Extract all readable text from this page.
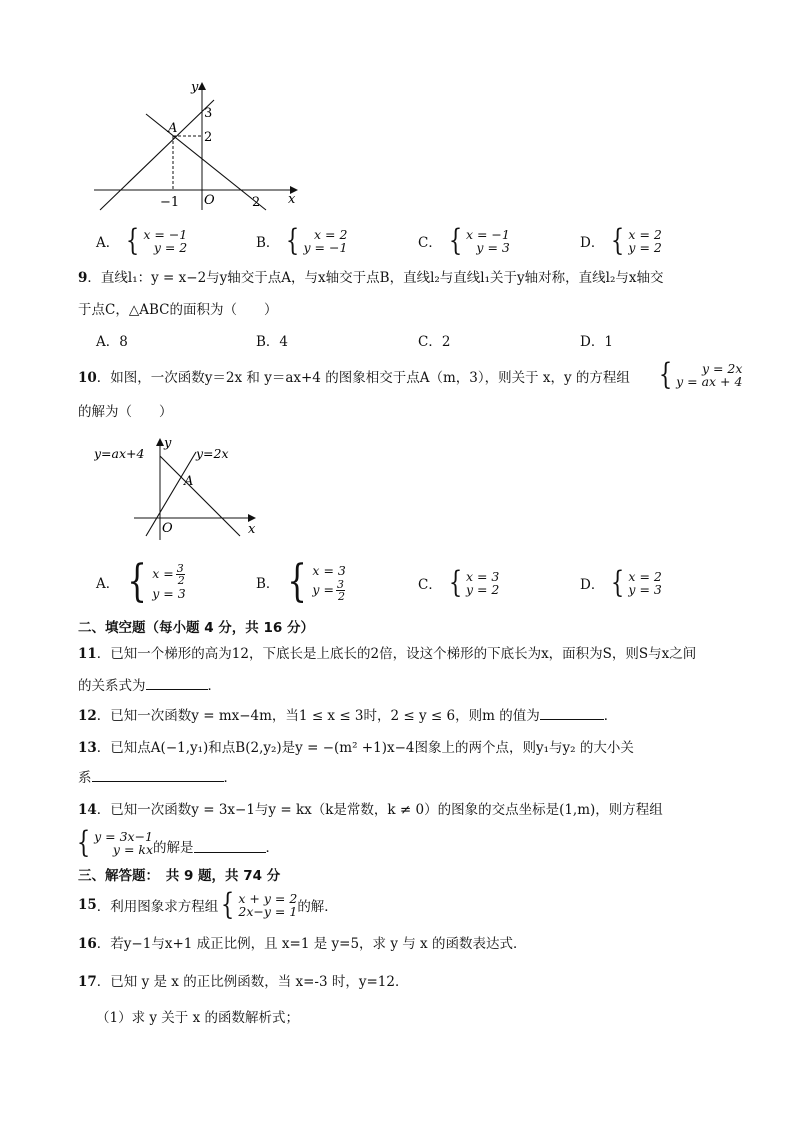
y
x
O
3
2
−1	2
A
A． { x = −1
y = 2	B． {	x = 2
y = −1	C． { x = −1
y = 3	D． { x = 2
y = 2
9．直线l₁：y = x−2与y轴交于点A，与x轴交于点B，直线l₂与直线l₁关于y轴对称，直线l₂与x轴交
于点C，△ABC的面积为（　　）
A．8	B．4	C．2	D．1
10．如图，一次函数y＝2x 和 y＝ax+4 的图象相交于点A（m，3），则关于 x，y 的方程组 {	y = 2x
y = ax + 4
的解为（　　）
y=ax+4	y=2x
y
x
O
A
A． { $x = \frac{3}{2}$
y = 3
B． { x = 3
$y = \frac{3}{2}$	C． { x = 3
y = 2	D． { x = 2
y = 3
二、填空题（每小题 4 分，共 16 分）
11．已知一个梯形的高为12，下底长是上底长的2倍，设这个梯形的下底长为x，面积为S，则S与x之间
的关系式为	．
12．已知一次函数y = mx−4m，当1 ≤ x ≤ 3时，2 ≤ y ≤ 6，则m 的值为	．
13．已知点A(−1,y₁)和点B(2,y₂)是y = −(m² +1)x−4图象上的两个点，则y₁与y₂ 的大小关
系	．
14．已知一次函数y = 3x−1与y = kx（k是常数，k ≠ 0）的图象的交点坐标是(1,m)，则方程组
{ y = 3x−1
y = kx 的解是	．
三、解答题：　共 9 题，共 74 分
15 ．利用图象求方程组 { x + y = 2
2x−y = 1 的解．
16．若y−1与x+1 成正比例，且 x=1 是 y=5，求 y 与 x 的函数表达式．
17．已知 y 是 x 的正比例函数，当 x=-3 时，y=12．
（1）求 y 关于 x 的函数解析式；
